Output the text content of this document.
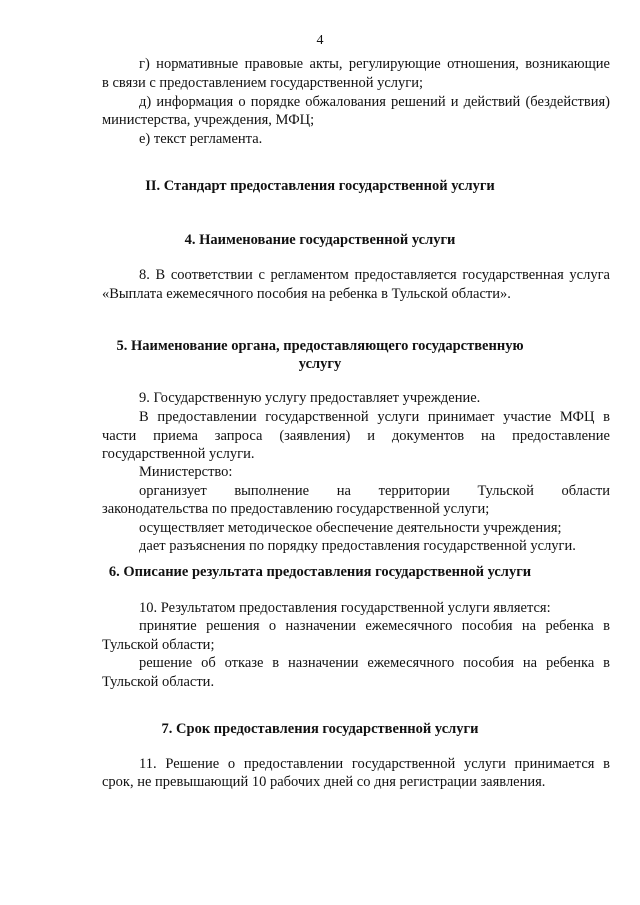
4
г) нормативные правовые акты, регулирующие отношения, возникающие
в связи с предоставлением государственной услуги;
д) информация о порядке обжалования решений и действий (бездействия)
министерства, учреждения, МФЦ;
е) текст регламента.
II. Стандарт предоставления государственной услуги
4. Наименование государственной услуги
8. В соответствии с регламентом предоставляется государственная услуга
«Выплата ежемесячного пособия на ребенка в Тульской области».
5. Наименование органа, предоставляющего государственную
услугу
9. Государственную услугу предоставляет учреждение.
В предоставлении государственной услуги принимает участие МФЦ в
части приема запроса (заявления) и документов на предоставление
государственной услуги.
Министерство:
организует выполнение на территории Тульской области
законодательства по предоставлению государственной услуги;
осуществляет методическое обеспечение деятельности учреждения;
дает разъяснения по порядку предоставления государственной услуги.
6. Описание результата предоставления государственной услуги
10. Результатом предоставления государственной услуги является:
принятие решения о назначении ежемесячного пособия на ребенка в
Тульской области;
решение об отказе в назначении ежемесячного пособия на ребенка в
Тульской области.
7. Срок предоставления государственной услуги
11. Решение о предоставлении государственной услуги принимается в
срок, не превышающий 10 рабочих дней со дня регистрации заявления.
